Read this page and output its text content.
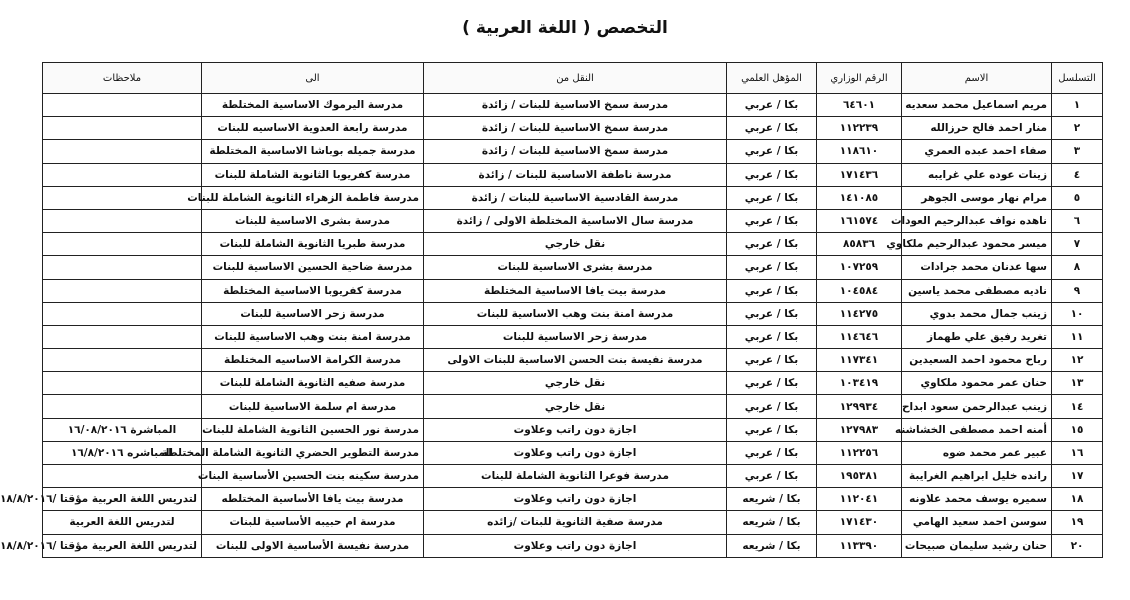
التخصص ( اللغة العربية )
التسلسل	الاسم	الرقم الوزاري	المؤهل العلمي	النقل من	الى	ملاحظات
١	مريم اسماعيل محمد سعديه	٦٤٦٠١	بكا / عربي	مدرسة سمخ الاساسية للبنات / زائدة	مدرسة اليرموك الاساسية المختلطة	
٢	منار احمد فالح حرزالله	١١٢٢٣٩	بكا / عربي	مدرسة سمخ الاساسية للبنات / زائدة	مدرسة رابعة العدوية الاساسيه للبنات	
٣	صفاء احمد عبده العمري	١١٨٦١٠	بكا / عربي	مدرسة سمخ الاساسية للبنات / زائدة	مدرسة جميله بوباشا الاساسية المختلطة	
٤	زينات عوده علي غرايبه	١٧١٤٣٦	بكا / عربي	مدرسة ناطفة الاساسية للبنات / زائدة	مدرسة كفريوبا الثانوية الشاملة للبنات	
٥	مرام نهار موسى الجوهر	١٤١٠٨٥	بكا / عربي	مدرسة القادسية الاساسية للبنات / زائدة	مدرسة فاطمة الزهراء الثانوية الشاملة للبنات	
٦	ناهده نواف عبدالرحيم العودات	١٦١٥٧٤	بكا / عربي	مدرسة سال الاساسية المختلطة الاولى / زائدة	مدرسة بشرى الاساسية للبنات	
٧	ميسر محمود عبدالرحيم ملكاوي	٨٥٨٣٦	بكا / عربي	نقل خارجي	مدرسة طبريا الثانوية الشاملة للبنات	
٨	سها عدنان محمد جرادات	١٠٧٢٥٩	بكا / عربي	مدرسة بشرى الاساسية للبنات	مدرسة ضاحية الحسين الاساسية للبنات	
٩	ناديه مصطفى محمد ياسين	١٠٤٥٨٤	بكا / عربي	مدرسة بيت يافا الاساسية المختلطة	مدرسة كفريوبا الاساسية المختلطة	
١٠	زينب جمال محمد بدوي	١١٤٢٧٥	بكا / عربي	مدرسة امنة بنت وهب الاساسية للبنات	مدرسة زحر الاساسية للبنات	
١١	تغريد رفيق علي طهماز	١١٤٦٤٦	بكا / عربي	مدرسة زحر الاساسية للبنات	مدرسة امنة بنت وهب الاساسية للبنات	
١٢	رباح محمود احمد السعيدين	١١٧٣٤١	بكا / عربي	مدرسة نفيسة بنت الحسن الاساسية للبنات الاولى	مدرسة الكرامة الاساسيه المختلطة	
١٣	حنان عمر محمود ملكاوي	١٠٣٤١٩	بكا / عربي	نقل خارجي	مدرسة صفيه الثانوية الشاملة للبنات	
١٤	زينب عبدالرحمن سعود ابداح	١٢٩٩٣٤	بكا / عربي	نقل خارجي	مدرسة ام سلمة الاساسية للبنات	
١٥	أمنه احمد مصطفى الخشاشنه	١٢٧٩٨٣	بكا / عربي	اجازة دون راتب وعلاوت	مدرسة نور الحسين الثانوية الشاملة للبنات	المباشرة ١٦/٠٨/٢٠١٦
١٦	عبير عمر محمد ضوه	١١٢٢٥٦	بكا / عربي	اجازة دون راتب وعلاوت	مدرسة التطوير الحضري الثانوية الشاملة المختلطة	المباشره ١٦/٨/٢٠١٦
١٧	رانده خليل ابراهيم الغرايبة	١٩٥٣٨١	بكا / عربي	مدرسة فوعرا الثانوية الشاملة للبنات	مدرسة سكينه بنت الحسين الأساسية البنات	
١٨	سميره يوسف محمد علاونه	١١٢٠٤١	بكا / شريعه	اجازة دون راتب وعلاوت	مدرسة بيت يافا الأساسية المختلطه	لتدريس اللغة العربية مؤقتا /١٨/٨/٢٠١٦
١٩	سوسن احمد سعيد الهامي	١٧١٤٣٠	بكا / شريعه	مدرسة صفية الثانوية للبنات /زائده	مدرسة ام حبيبه الأساسية للبنات	لتدريس اللغة العربية
٢٠	حنان رشيد سليمان صبيحات	١١٣٣٩٠	بكا / شريعه	اجازة دون راتب وعلاوت	مدرسة نفيسة الأساسية الاولى للبنات	لتدريس اللغة العربية مؤقتا /١٨/٨/٢٠١٦
